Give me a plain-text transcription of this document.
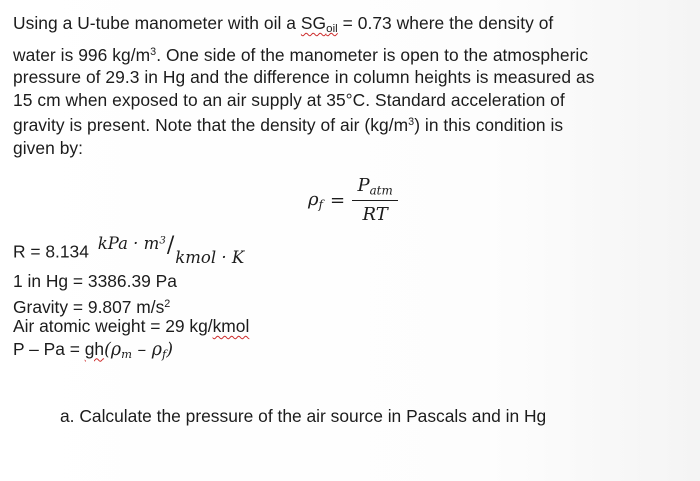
Using a U-tube manometer with oil a $SG_{oil} = 0.73$ where the density of
water is 996 $kg/m^3$. One side of the manometer is open to the atmospheric
pressure of 29.3 in Hg and the difference in column heights is measured as
15 cm when exposed to an air supply at 35°C. Standard acceleration of
gravity is present. Note that the density of air $(kg/m^3)$ in this condition is
given by:

$\rho_f = \frac{P_{atm}}{RT}$
R = 8.134 kPa · $m^3$/kmol · K
1 in Hg = 3386.39 Pa
Gravity = 9.807 $m/s^2$
Air atomic weight = 29 kg/kmol
$P - Pa = gh(\rho_m - \rho_f)$

a. Calculate the pressure of the air source in Pascals and in Hg
